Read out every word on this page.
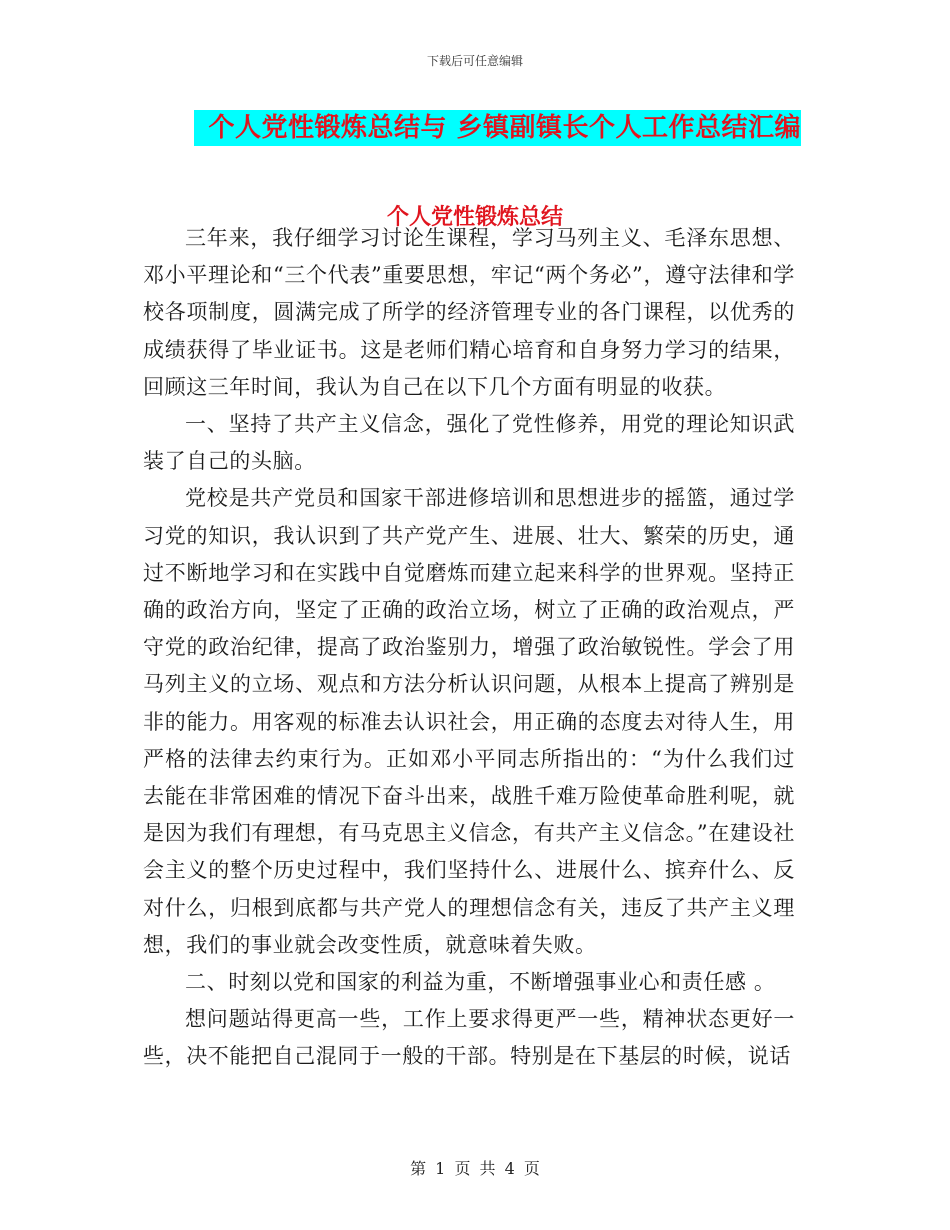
下载后可任意编辑
个人党性锻炼总结与 乡镇副镇长个人工作总结汇编
个人党性锻炼总结

三年来，我仔细学习讨论生课程，学习马列主义、毛泽东思想、邓小平理论和“三个代表”重要思想，牢记“两个务必”，遵守法律和学校各项制度，圆满完成了所学的经济管理专业的各门课程，以优秀的成绩获得了毕业证书。这是老师们精心培育和自身努力学习的结果，回顾这三年时间，我认为自己在以下几个方面有明显的收获。

一、坚持了共产主义信念，强化了党性修养，用党的理论知识武装了自己的头脑。

党校是共产党员和国家干部进修培训和思想进步的摇篮，通过学习党的知识，我认识到了共产党产生、进展、壮大、繁荣的历史，通过不断地学习和在实践中自觉磨炼而建立起来科学的世界观。坚持正确的政治方向，坚定了正确的政治立场，树立了正确的政治观点，严守党的政治纪律，提高了政治鉴别力，增强了政治敏锐性。学会了用马列主义的立场、观点和方法分析认识问题，从根本上提高了辨别是非的能力。用客观的标准去认识社会，用正确的态度去对待人生，用严格的法律去约束行为。正如邓小平同志所指出的：“为什么我们过去能在非常困难的情况下奋斗出来，战胜千难万险使革命胜利呢，就是因为我们有理想，有马克思主义信念，有共产主义信念。”在建设社会主义的整个历史过程中，我们坚持什么、进展什么、摈弃什么、反对什么，归根到底都与共产党人的理想信念有关，违反了共产主义理想，我们的事业就会改变性质，就意味着失败。

二、时刻以党和国家的利益为重，不断增强事业心和责任感 。

想问题站得更高一些，工作上要求得更严一些，精神状态更好一些，决不能把自己混同于一般的干部。特别是在下基层的时候，说话

第 1 页 共 4 页
